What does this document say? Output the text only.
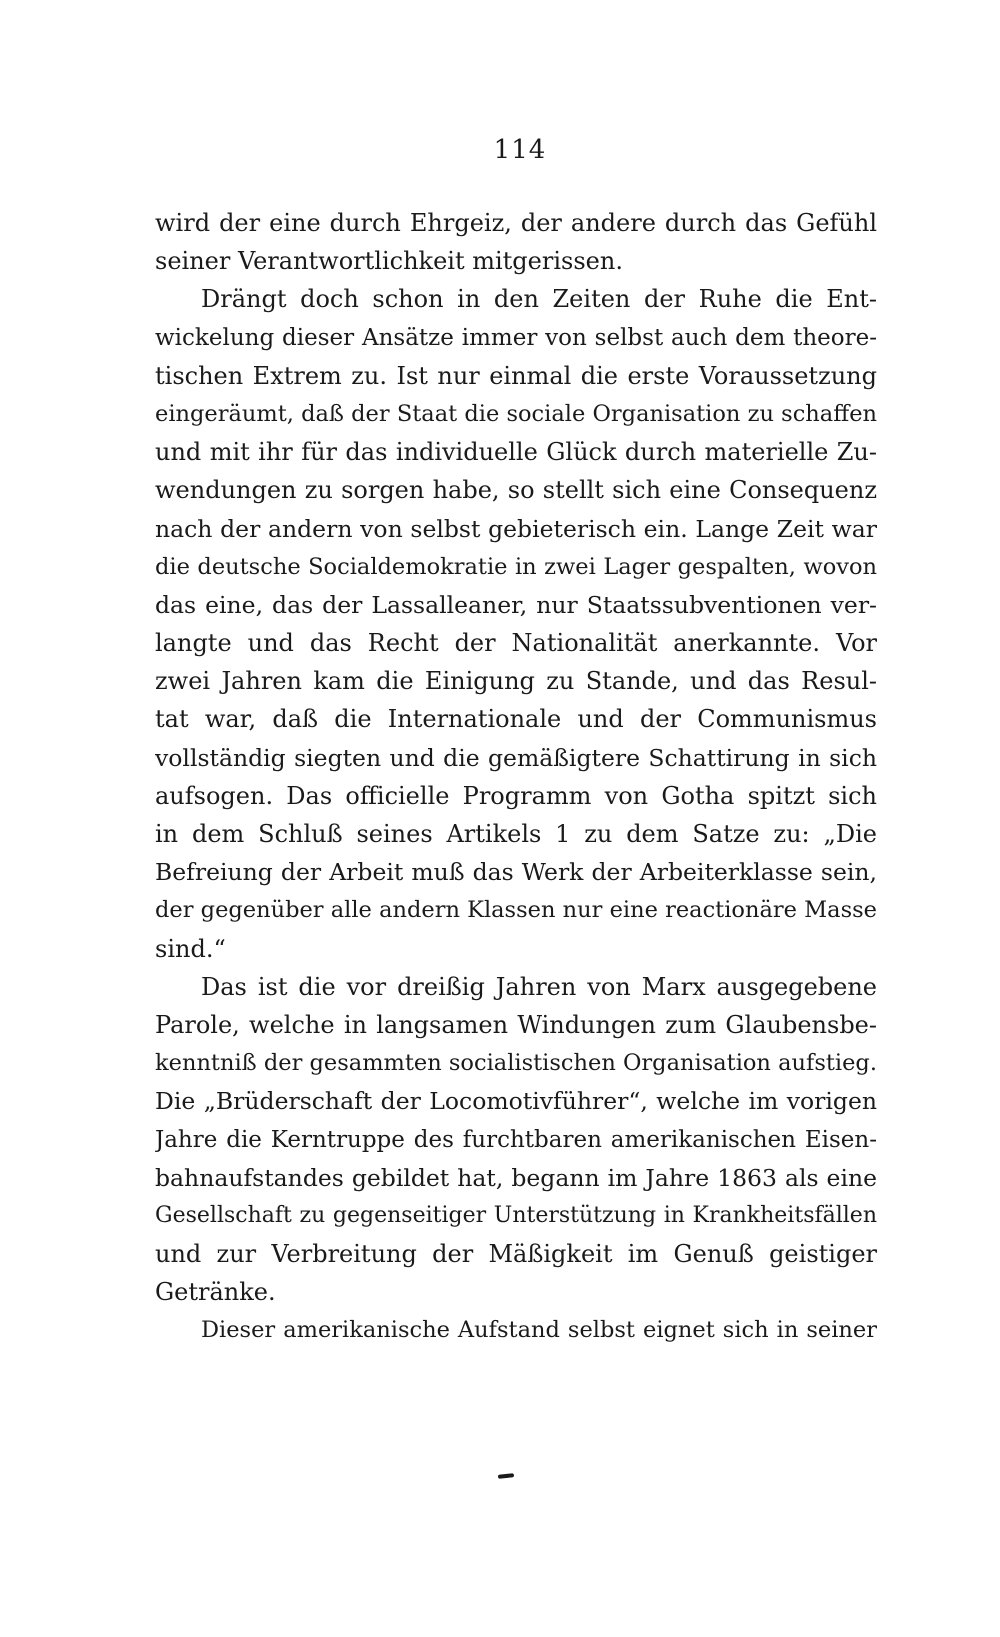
114
wird der eine durch Ehrgeiz, der andere durch das Gefühl
seiner Verantwortlichkeit mitgerissen.
Drängt doch schon in den Zeiten der Ruhe die Ent-
wickelung dieser Ansätze immer von selbst auch dem theore-
tischen Extrem zu. Ist nur einmal die erste Voraussetzung
eingeräumt, daß der Staat die sociale Organisation zu schaffen
und mit ihr für das individuelle Glück durch materielle Zu-
wendungen zu sorgen habe, so stellt sich eine Consequenz
nach der andern von selbst gebieterisch ein. Lange Zeit war
die deutsche Socialdemokratie in zwei Lager gespalten, wovon
das eine, das der Lassalleaner, nur Staatssubventionen ver-
langte und das Recht der Nationalität anerkannte. Vor
zwei Jahren kam die Einigung zu Stande, und das Resul-
tat war, daß die Internationale und der Communismus
vollständig siegten und die gemäßigtere Schattirung in sich
aufsogen. Das officielle Programm von Gotha spitzt sich
in dem Schluß seines Artikels 1 zu dem Satze zu: „Die
Befreiung der Arbeit muß das Werk der Arbeiterklasse sein,
der gegenüber alle andern Klassen nur eine reactionäre Masse
sind.“
Das ist die vor dreißig Jahren von Marx ausgegebene
Parole, welche in langsamen Windungen zum Glaubensbe-
kenntniß der gesammten socialistischen Organisation aufstieg.
Die „Brüderschaft der Locomotivführer“, welche im vorigen
Jahre die Kerntruppe des furchtbaren amerikanischen Eisen-
bahnaufstandes gebildet hat, begann im Jahre 1863 als eine
Gesellschaft zu gegenseitiger Unterstützung in Krankheitsfällen
und zur Verbreitung der Mäßigkeit im Genuß geistiger
Getränke.
Dieser amerikanische Aufstand selbst eignet sich in seiner
